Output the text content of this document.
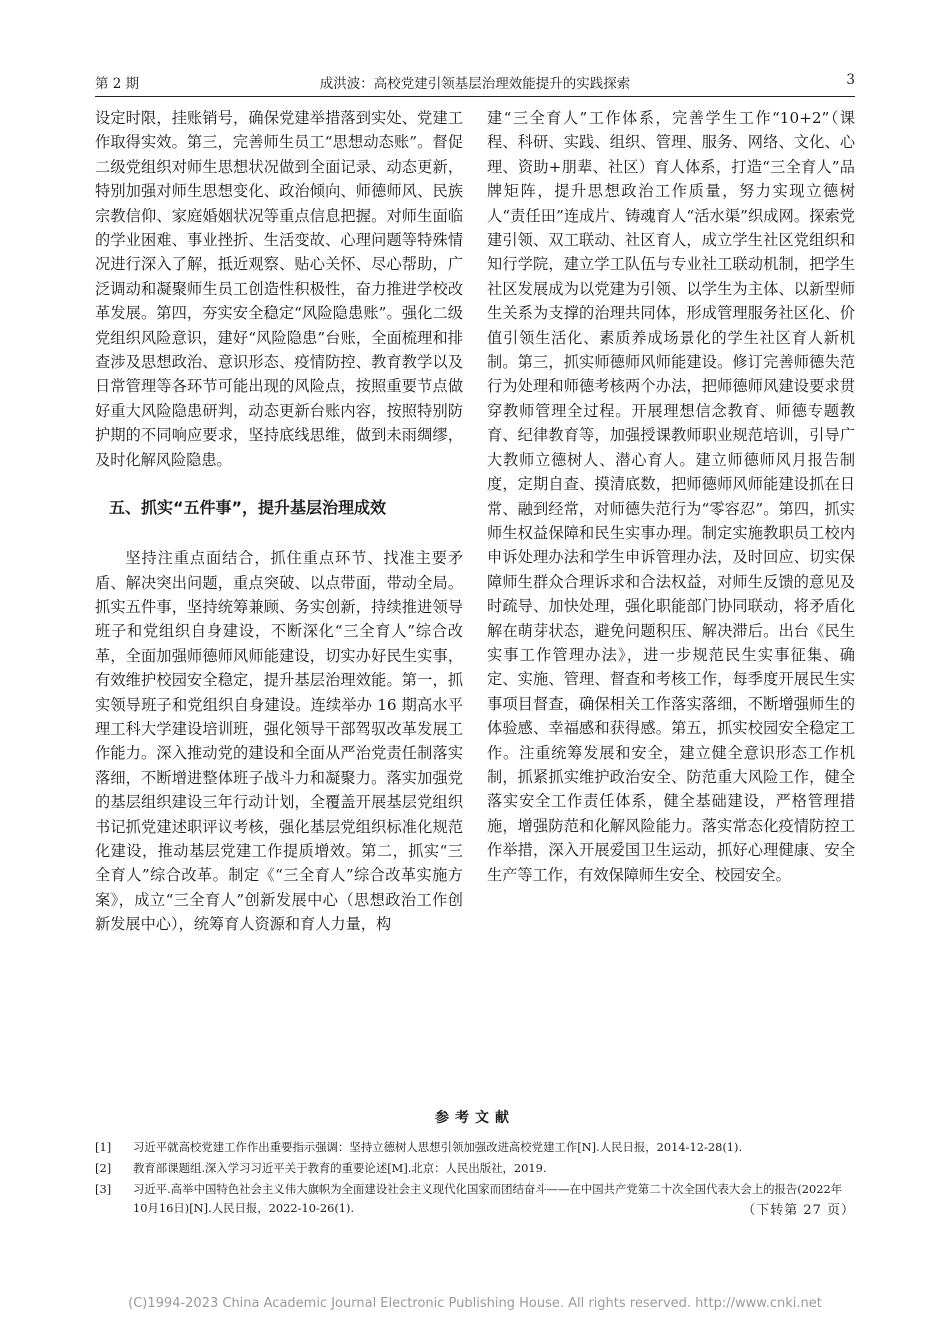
第 2 期	成洪波：高校党建引领基层治理效能提升的实践探索	3

设定时限，挂账销号，确保党建举措落到实处、党建工作取得实效。第三，完善师生员工“思想动态账”。督促二级党组织对师生思想状况做到全面记录、动态更新，特别加强对师生思想变化、政治倾向、师德师风、民族宗教信仰、家庭婚姻状况等重点信息把握。对师生面临的学业困难、事业挫折、生活变故、心理问题等特殊情况进行深入了解，抵近观察、贴心关怀、尽心帮助，广泛调动和凝聚师生员工创造性积极性，奋力推进学校改革发展。第四，夯实安全稳定“风险隐患账”。强化二级党组织风险意识，建好“风险隐患”台账，全面梳理和排查涉及思想政治、意识形态、疫情防控、教育教学以及日常管理等各环节可能出现的风险点，按照重要节点做好重大风险隐患研判，动态更新台账内容，按照特别防护期的不同响应要求，坚持底线思维，做到未雨绸缪，及时化解风险隐患。

五、抓实“五件事”，提升基层治理成效

坚持注重点面结合，抓住重点环节、找准主要矛盾、解决突出问题，重点突破、以点带面，带动全局。抓实五件事，坚持统筹兼顾、务实创新，持续推进领导班子和党组织自身建设，不断深化“三全育人”综合改革，全面加强师德师风师能建设，切实办好民生实事，有效维护校园安全稳定，提升基层治理效能。第一，抓实领导班子和党组织自身建设。连续举办 16 期高水平理工科大学建设培训班，强化领导干部驾驭改革发展工作能力。深入推动党的建设和全面从严治党责任制落实落细，不断增进整体班子战斗力和凝聚力。落实加强党的基层组织建设三年行动计划，全覆盖开展基层党组织书记抓党建述职评议考核，强化基层党组织标准化规范化建设，推动基层党建工作提质增效。第二，抓实“三全育人”综合改革。制定《“三全育人”综合改革实施方案》，成立“三全育人”创新发展中心（思想政治工作创新发展中心），统筹育人资源和育人力量，构

建“三全育人”工作体系，完善学生工作“10+2”（课程、科研、实践、组织、管理、服务、网络、文化、心理、资助+朋辈、社区）育人体系，打造“三全育人”品牌矩阵，提升思想政治工作质量，努力实现立德树人“责任田”连成片、铸魂育人“活水渠”织成网。探索党建引领、双工联动、社区育人，成立学生社区党组织和知行学院，建立学工队伍与专业社工联动机制，把学生社区发展成为以党建为引领、以学生为主体、以新型师生关系为支撑的治理共同体，形成管理服务社区化、价值引领生活化、素质养成场景化的学生社区育人新机制。第三，抓实师德师风师能建设。修订完善师德失范行为处理和师德考核两个办法，把师德师风建设要求贯穿教师管理全过程。开展理想信念教育、师德专题教育、纪律教育等，加强授课教师职业规范培训，引导广大教师立德树人、潜心育人。建立师德师风月报告制度，定期自查、摸清底数，把师德师风师能建设抓在日常、融到经常，对师德失范行为“零容忍”。第四，抓实师生权益保障和民生实事办理。制定实施教职员工校内申诉处理办法和学生申诉管理办法，及时回应、切实保障师生群众合理诉求和合法权益，对师生反馈的意见及时疏导、加快处理，强化职能部门协同联动，将矛盾化解在萌芽状态，避免问题积压、解决滞后。出台《民生实事工作管理办法》，进一步规范民生实事征集、确定、实施、管理、督查和考核工作，每季度开展民生实事项目督查，确保相关工作落实落细，不断增强师生的体验感、幸福感和获得感。第五，抓实校园安全稳定工作。注重统筹发展和安全，建立健全意识形态工作机制，抓紧抓实维护政治安全、防范重大风险工作，健全落实安全工作责任体系，健全基础建设，严格管理措施，增强防范和化解风险能力。落实常态化疫情防控工作举措，深入开展爱国卫生运动，抓好心理健康、安全生产等工作，有效保障师生安全、校园安全。

参考文献
[1] 习近平就高校党建工作作出重要指示强调：坚持立德树人思想引领加强改进高校党建工作[N].人民日报，2014-12-28(1).
[2] 教育部课题组.深入学习习近平关于教育的重要论述[M].北京：人民出版社，2019.
[3] 习近平.高举中国特色社会主义伟大旗帜为全面建设社会主义现代化国家而团结奋斗——在中国共产党第二十次全国代表大会上的报告(2022年10月16日)[N].人民日报，2022-10-26(1).	（下转第 27 页）
(C)1994-2023 China Academic Journal Electronic Publishing House. All rights reserved. http://www.cnki.net
